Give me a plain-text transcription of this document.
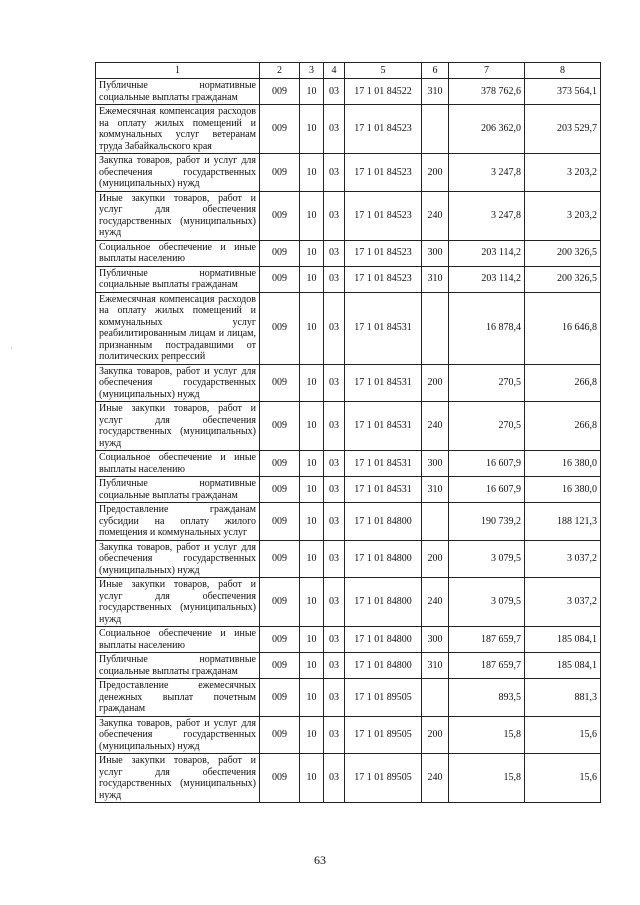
·
1	2	3	4	5	6	7	8
Публичные нормативные социальные выплаты гражданам	009	10	03	17 1 01 84522	310	378 762,6	373 564,1
Ежемесячная компенсация расходов на оплату жилых помещений и коммунальных услуг ветеранам труда Забайкальского края	009	10	03	17 1 01 84523		206 362,0	203 529,7
Закупка товаров, работ и услуг для обеспечения государственных (муниципальных) нужд	009	10	03	17 1 01 84523	200	3 247,8	3 203,2
Иные закупки товаров, работ и услуг для обеспечения государственных (муниципальных) нужд	009	10	03	17 1 01 84523	240	3 247,8	3 203,2
Социальное обеспечение и иные выплаты населению	009	10	03	17 1 01 84523	300	203 114,2	200 326,5
Публичные нормативные социальные выплаты гражданам	009	10	03	17 1 01 84523	310	203 114,2	200 326,5
Ежемесячная компенсация расходов на оплату жилых помещений и коммунальных услуг реабилитированным лицам и лицам, признанным пострадавшими от политических репрессий	009	10	03	17 1 01 84531		16 878,4	16 646,8
Закупка товаров, работ и услуг для обеспечения государственных (муниципальных) нужд	009	10	03	17 1 01 84531	200	270,5	266,8
Иные закупки товаров, работ и услуг для обеспечения государственных (муниципальных) нужд	009	10	03	17 1 01 84531	240	270,5	266,8
Социальное обеспечение и иные выплаты населению	009	10	03	17 1 01 84531	300	16 607,9	16 380,0
Публичные нормативные социальные выплаты гражданам	009	10	03	17 1 01 84531	310	16 607,9	16 380,0
Предоставление гражданам субсидии на оплату жилого помещения и коммунальных услуг	009	10	03	17 1 01 84800		190 739,2	188 121,3
Закупка товаров, работ и услуг для обеспечения государственных (муниципальных) нужд	009	10	03	17 1 01 84800	200	3 079,5	3 037,2
Иные закупки товаров, работ и услуг для обеспечения государственных (муниципальных) нужд	009	10	03	17 1 01 84800	240	3 079,5	3 037,2
Социальное обеспечение и иные выплаты населению	009	10	03	17 1 01 84800	300	187 659,7	185 084,1
Публичные нормативные социальные выплаты гражданам	009	10	03	17 1 01 84800	310	187 659,7	185 084,1
Предоставление ежемесячных денежных выплат почетным гражданам	009	10	03	17 1 01 89505		893,5	881,3
Закупка товаров, работ и услуг для обеспечения государственных (муниципальных) нужд	009	10	03	17 1 01 89505	200	15,8	15,6
Иные закупки товаров, работ и услуг для обеспечения государственных (муниципальных) нужд	009	10	03	17 1 01 89505	240	15,8	15,6
63
